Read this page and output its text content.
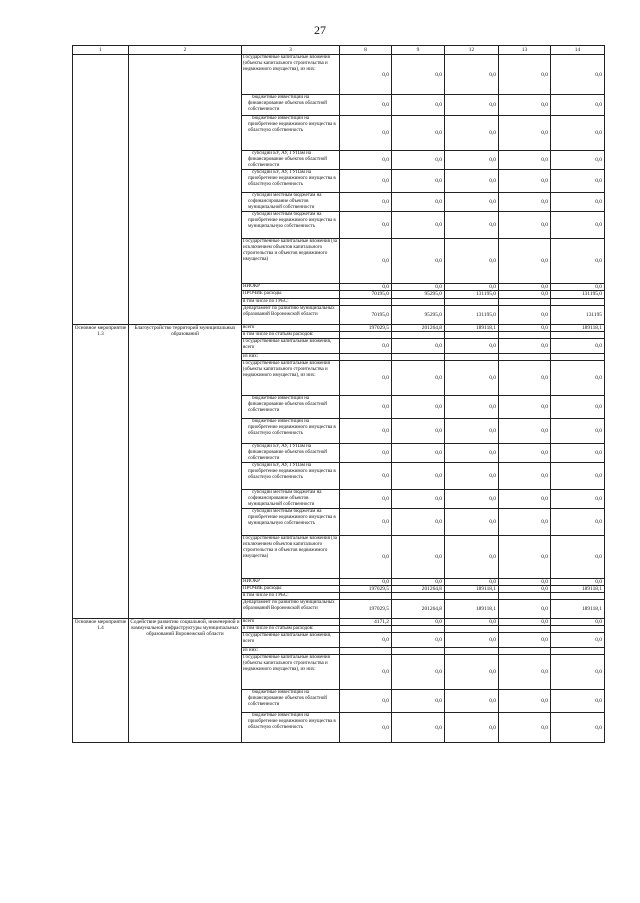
27
1	2	3	8	9	12	13	14
		Государственные капитальные вложения (объекты капитального строительства и недвижимого имущества), из них:	0,0	0,0	0,0	0,0	0,0
		бюджетные инвестиции на финансирование объектов областной собственности	0,0	0,0	0,0	0,0	0,0
		бюджетные инвестиции на приобретение недвижимого имущества в областную собственность	0,0	0,0	0,0	0,0	0,0
		субсидии БУ, АУ, ГУПам на финансирование объектов областной собственности	0,0	0,0	0,0	0,0	0,0
		субсидии БУ, АУ, ГУПам на приобретение недвижимого имущества в областную собственность	0,0	0,0	0,0	0,0	0,0
		субсидии местным бюджетам на софинансирование объектов муниципальной собственности	0,0	0,0	0,0	0,0	0,0
		субсидии местным бюджетам на приобретение недвижимого имущества в муниципальную собственность	0,0	0,0	0,0	0,0	0,0
		Государственные капитальные вложения (за исключением объектов капитального строительства и объектов недвижимого имущества)	0,0	0,0	0,0	0,0	0,0
		НИОКР	0,0	0,0	0,0	0,0	0,0
		ПРОЧИЕ расходы	70195,0	95295,0	131195,0	0,0	131195,0
		в том числе по ГРБС:					
		Департамент по развитию муниципальных образований Воронежской области	70195,0	95295,0	131195,0	0,0	131195
Основное мероприятие 1.3	Благоустройство территорий муниципальных образований	всего	197029,5	201264,8	189118,1	0,0	189118,1
		в том числе по статьям расходов:					
		Государственные капитальные вложения, всего	0,0	0,0	0,0	0,0	0,0
		из них:					
		Государственные капитальные вложения (объекты капитального строительства и недвижимого имущества), из них:	0,0	0,0	0,0	0,0	0,0
		бюджетные инвестиции на финансирование объектов областной собственности	0,0	0,0	0,0	0,0	0,0
		бюджетные инвестиции на приобретение недвижимого имущества в областную собственность	0,0	0,0	0,0	0,0	0,0
		субсидии БУ, АУ, ГУПам на финансирование объектов областной собственности	0,0	0,0	0,0	0,0	0,0
		субсидии БУ, АУ, ГУПам на приобретение недвижимого имущества в областную собственность	0,0	0,0	0,0	0,0	0,0
		субсидии местным бюджетам на софинансирование объектов муниципальной собственности	0,0	0,0	0,0	0,0	0,0
		субсидии местным бюджетам на приобретение недвижимого имущества в муниципальную собственность	0,0	0,0	0,0	0,0	0,0
		Государственные капитальные вложения (за исключением объектов капитального строительства и объектов недвижимого имущества)	0,0	0,0	0,0	0,0	0,0
		НИОКР	0,0	0,0	0,0	0,0	0,0
		ПРОЧИЕ расходы	197029,5	201264,8	189118,1	0,0	189118,1
		в том числе по ГРБС:					
		Департамент по развитию муниципальных образований Воронежской области	197029,5	201264,8	189118,1	0,0	189118,1
Основное мероприятие 1.4	Содействие развитию социальной, инженерной и коммунальной инфраструктуры муниципальных образований Воронежской области	всего	4171,2	0,0	0,0	0,0	0,0
		в том числе по статьям расходов:					
		Государственные капитальные вложения, всего	0,0	0,0	0,0	0,0	0,0
		из них:					
		Государственные капитальные вложения (объекты капитального строительства и недвижимого имущества), из них:	0,0	0,0	0,0	0,0	0,0
		бюджетные инвестиции на финансирование объектов областной собственности	0,0	0,0	0,0	0,0	0,0
		бюджетные инвестиции на приобретение недвижимого имущества в областную собственность	0,0	0,0	0,0	0,0	0,0
